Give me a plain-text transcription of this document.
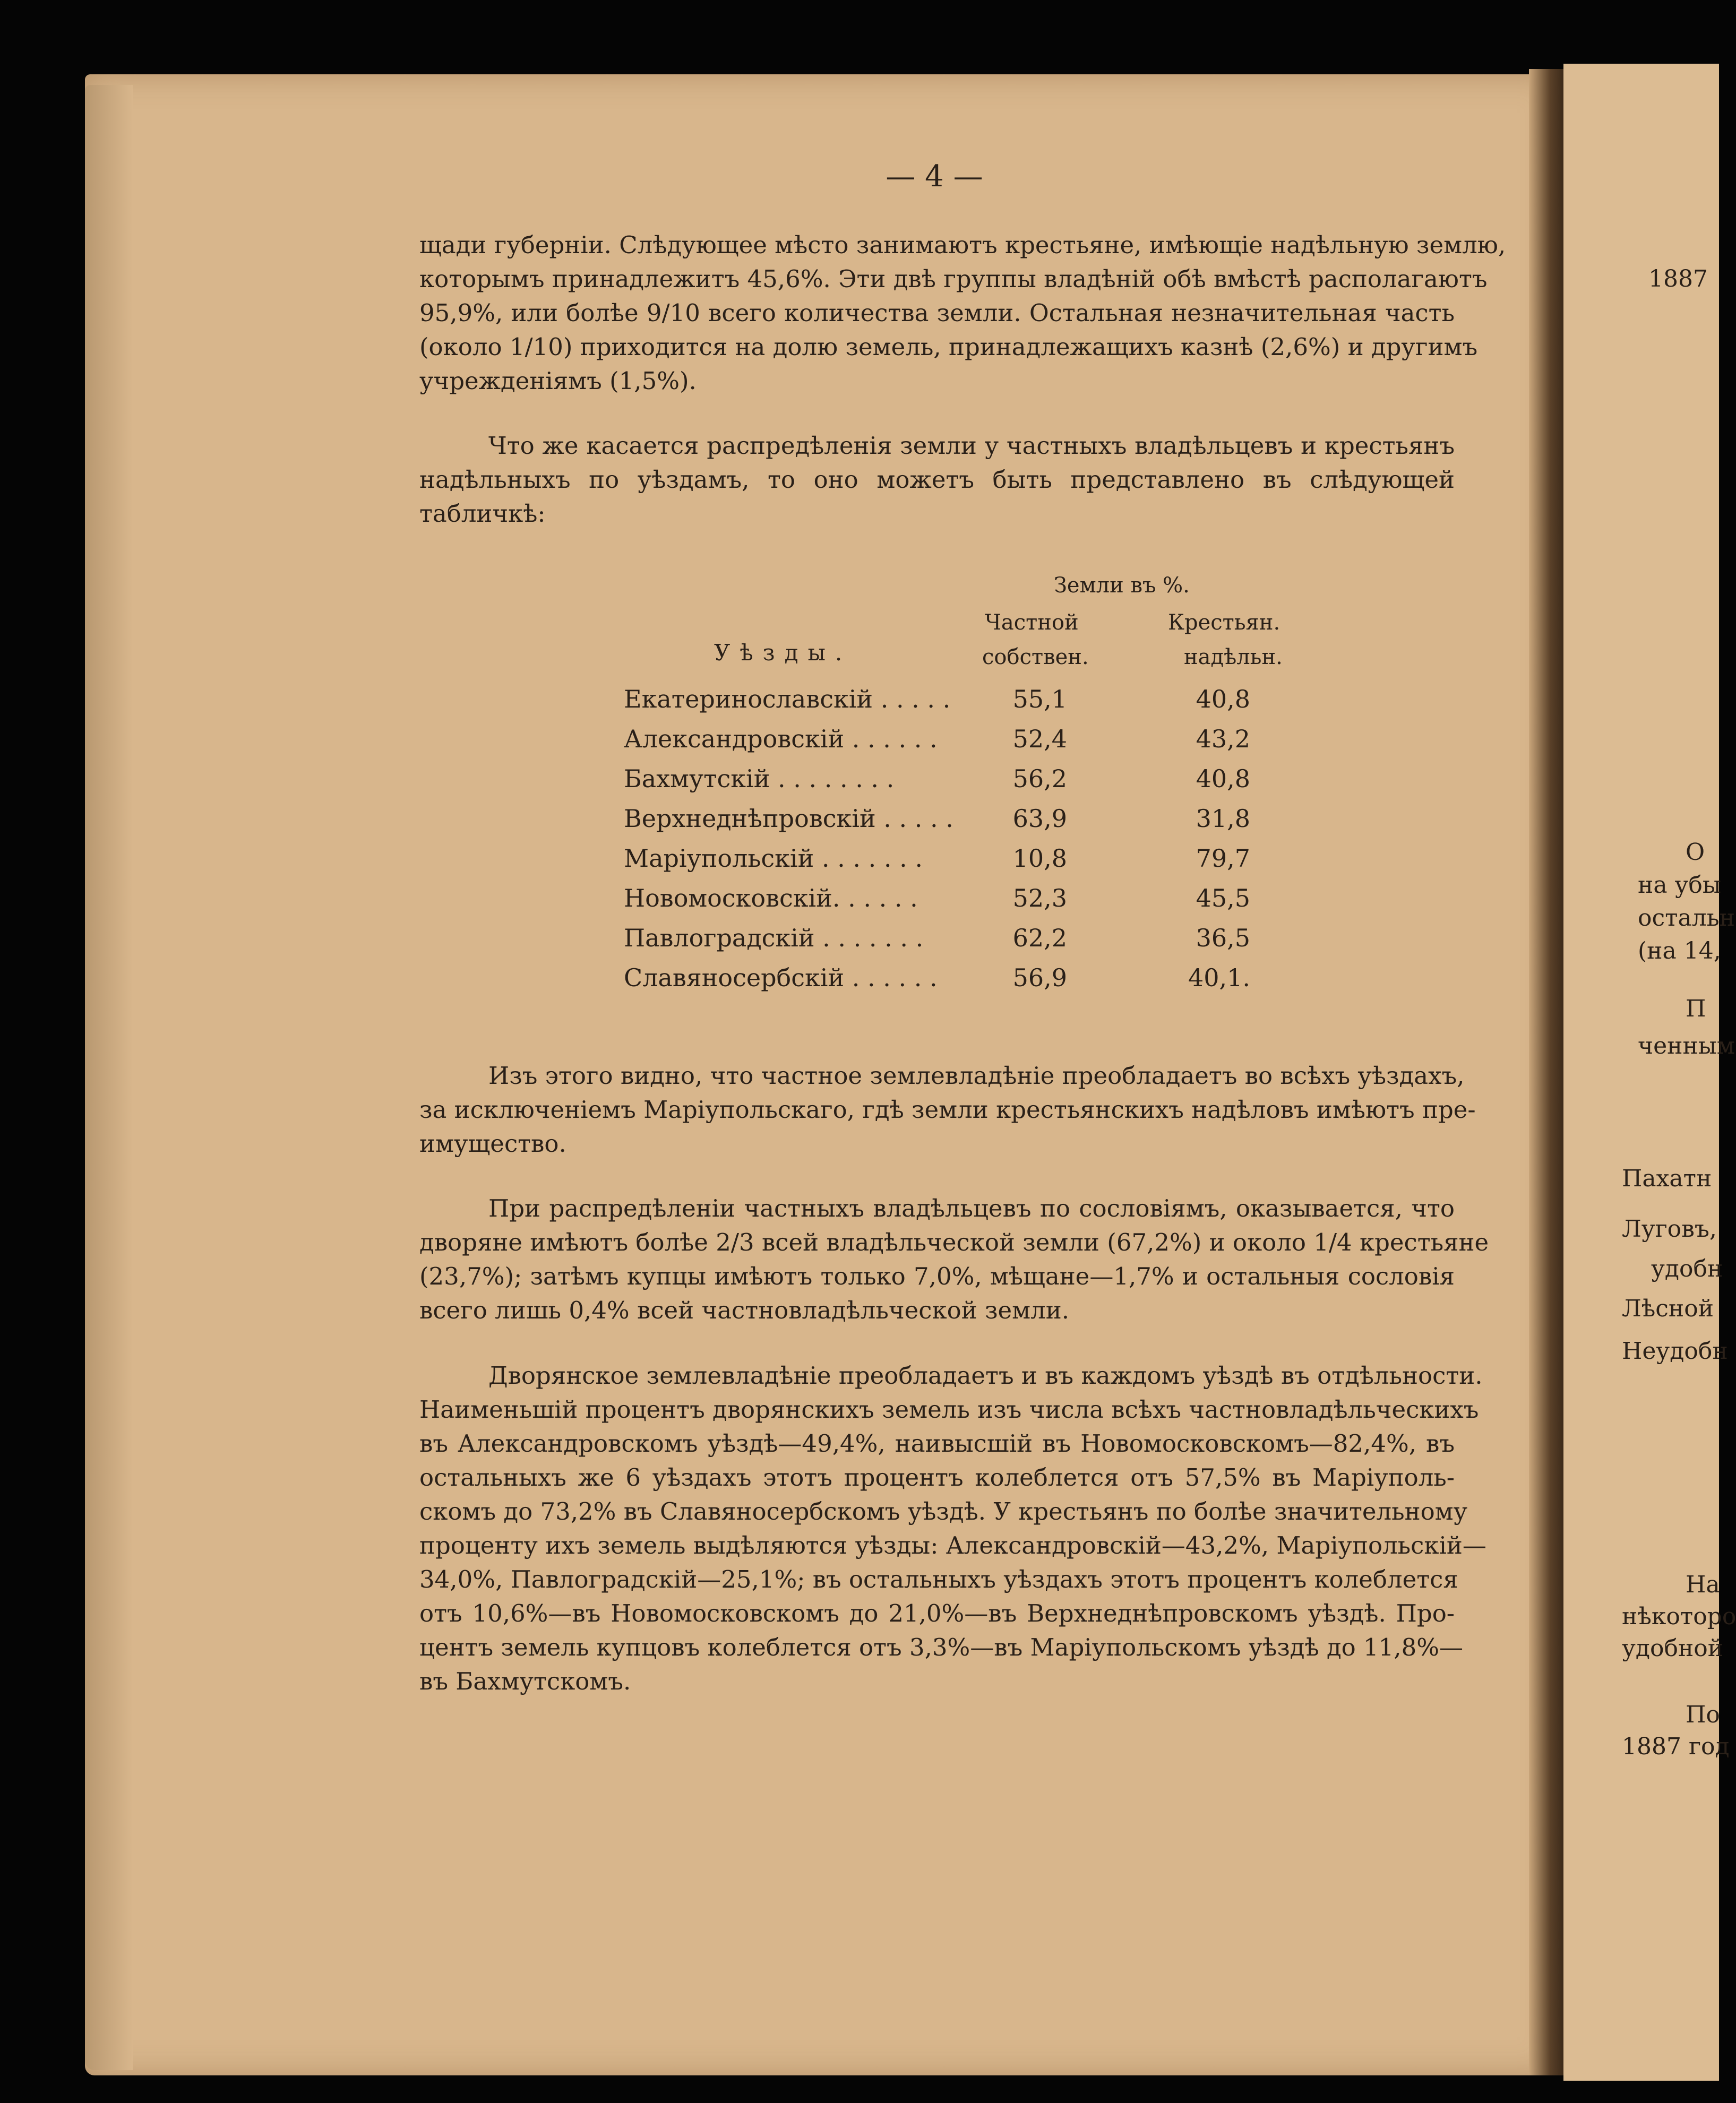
1887
О
на убы
остальн
(на 14,
П
ченным
Пахатн
Луговъ,
удобн
Лѣсной
Неудобн
На
нѣкоторо
удобной
По
1887 год
— 4 —
щади губерніи. Слѣдующее мѣсто занимаютъ крестьяне, имѣющіе надѣльную землю,
которымъ принадлежитъ 45,6%. Эти двѣ группы владѣній обѣ вмѣстѣ располагаютъ
95,9%, или болѣе 9/10 всего количества земли. Остальная незначительная часть
(около 1/10) приходится на долю земель, принадлежащихъ казнѣ (2,6%) и другимъ
учрежденіямъ (1,5%).
Что же касается распредѣленія земли у частныхъ владѣльцевъ и крестьянъ
надѣльныхъ по уѣздамъ, то оно можетъ быть представлено въ слѣдующей
табличкѣ:
Земли въ %.
Частной
собствен.
Крестьян.
надѣльн.
Уѣзды.
Екатеринославскій . . . . .	55,1	40,8
Александровскій . . . . . .	52,4	43,2
Бахмутскій . . . . . . . .	56,2	40,8
Верхнеднѣпровскій . . . . .	63,9	31,8
Маріупольскій . . . . . . .	10,8	79,7
Новомосковскій. . . . . .	52,3	45,5
Павлоградскій . . . . . . .	62,2	36,5
Славяносербскій . . . . . .	56,9	40,1.
Изъ этого видно, что частное землевладѣніе преобладаетъ во всѣхъ уѣздахъ,
за исключеніемъ Маріупольскаго, гдѣ земли крестьянскихъ надѣловъ имѣютъ пре-
имущество.
При распредѣленіи частныхъ владѣльцевъ по сословіямъ, оказывается, что
дворяне имѣютъ болѣе 2/3 всей владѣльческой земли (67,2%) и около 1/4 крестьяне
(23,7%); затѣмъ купцы имѣютъ только 7,0%, мѣщане—1,7% и остальныя сословія
всего лишь 0,4% всей частновладѣльческой земли.
Дворянское землевладѣніе преобладаетъ и въ каждомъ уѣздѣ въ отдѣльности.
Наименьшій процентъ дворянскихъ земель изъ числа всѣхъ частновладѣльческихъ
въ Александровскомъ уѣздѣ—49,4%, наивысшій въ Новомосковскомъ—82,4%, въ
остальныхъ же 6 уѣздахъ этотъ процентъ колеблется отъ 57,5% въ Маріуполь-
скомъ до 73,2% въ Славяносербскомъ уѣздѣ. У крестьянъ по болѣе значительному
проценту ихъ земель выдѣляются уѣзды: Александровскій—43,2%, Маріупольскій—
34,0%, Павлоградскій—25,1%; въ остальныхъ уѣздахъ этотъ процентъ колеблется
отъ 10,6%—въ Новомосковскомъ до 21,0%—въ Верхнеднѣпровскомъ уѣздѣ. Про-
центъ земель купцовъ колеблется отъ 3,3%—въ Маріупольскомъ уѣздѣ до 11,8%—
въ Бахмутскомъ.
